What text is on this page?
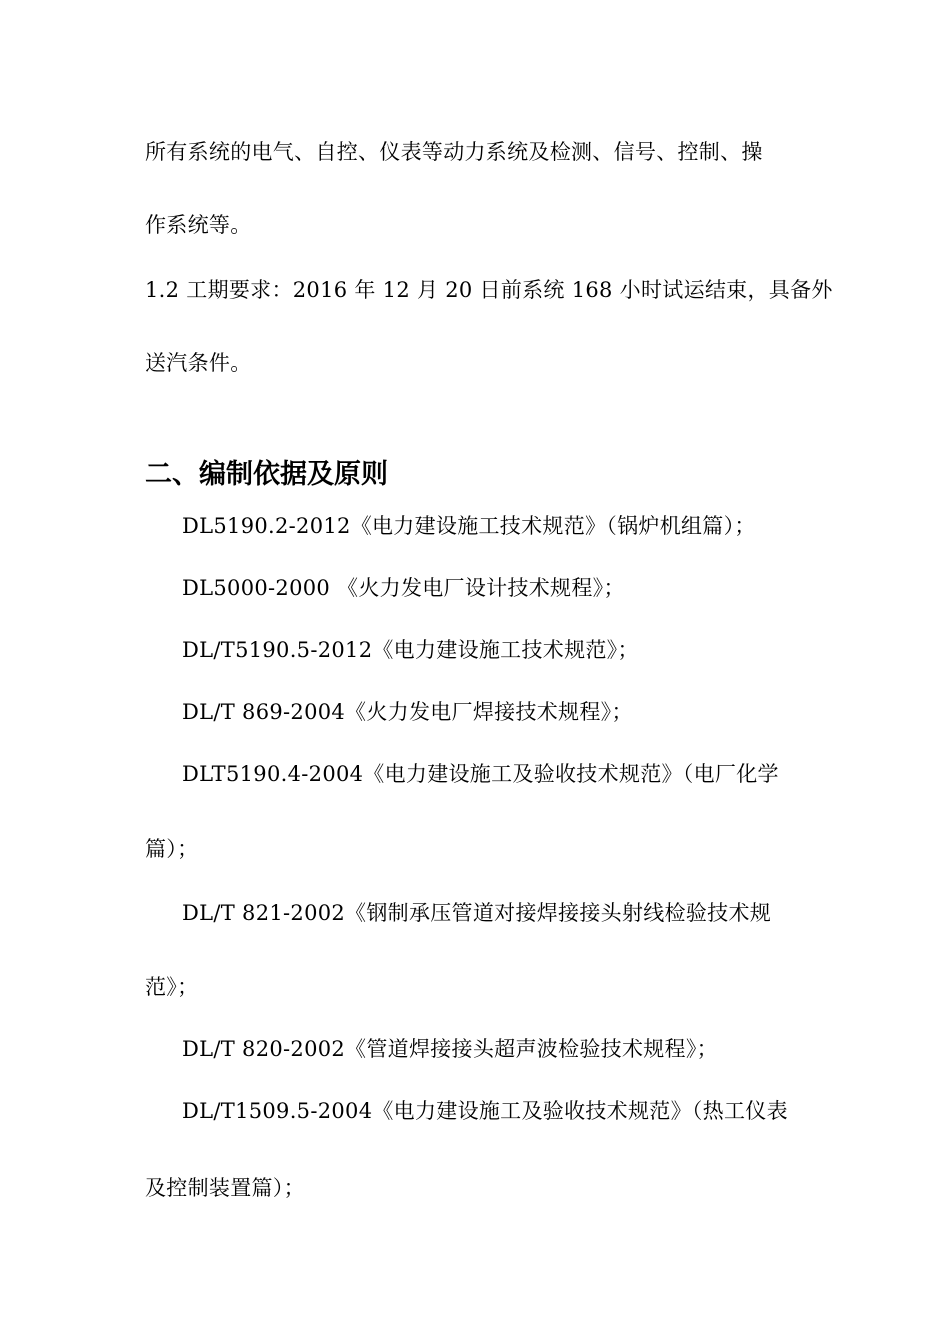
所有系统的电气、自控、仪表等动力系统及检测、信号、控制、操
作系统等。
1.2 工期要求：2016 年 12 月 20 日前系统 168 小时试运结束，具备外
送汽条件。
二、编制依据及原则
DL5190.2-2012《电力建设施工技术规范》（锅炉机组篇）；
DL5000-2000 《火力发电厂设计技术规程》；
DL/T5190.5-2012《电力建设施工技术规范》；
DL/T 869-2004《火力发电厂焊接技术规程》；
DLT5190.4-2004《电力建设施工及验收技术规范》（电厂化学
篇）；
DL/T 821-2002《钢制承压管道对接焊接接头射线检验技术规
范》；
DL/T 820-2002《管道焊接接头超声波检验技术规程》；
DL/T1509.5-2004《电力建设施工及验收技术规范》（热工仪表
及控制装置篇）；
